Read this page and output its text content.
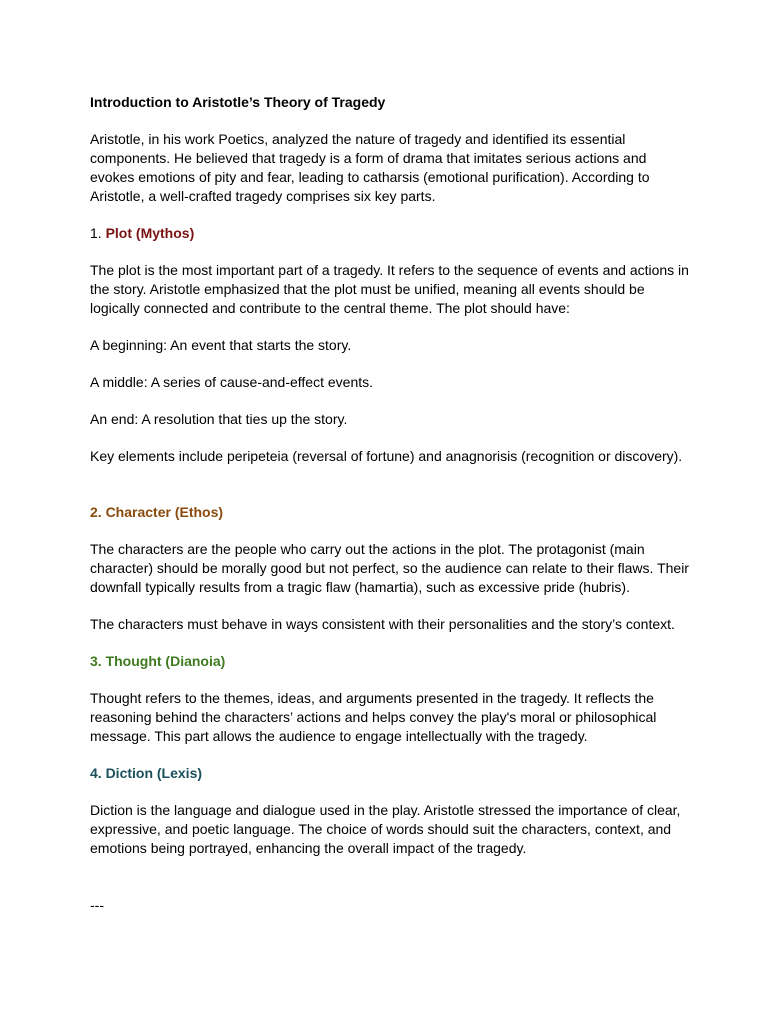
Introduction to Aristotle’s Theory of Tragedy
Aristotle, in his work Poetics, analyzed the nature of tragedy and identified its essential components. He believed that tragedy is a form of drama that imitates serious actions and evokes emotions of pity and fear, leading to catharsis (emotional purification). According to Aristotle, a well-crafted tragedy comprises six key parts.
1. Plot (Mythos)
The plot is the most important part of a tragedy. It refers to the sequence of events and actions in the story. Aristotle emphasized that the plot must be unified, meaning all events should be logically connected and contribute to the central theme. The plot should have:
A beginning: An event that starts the story.
A middle: A series of cause-and-effect events.
An end: A resolution that ties up the story.
Key elements include peripeteia (reversal of fortune) and anagnorisis (recognition or discovery).
2. Character (Ethos)
The characters are the people who carry out the actions in the plot. The protagonist (main character) should be morally good but not perfect, so the audience can relate to their flaws. Their downfall typically results from a tragic flaw (hamartia), such as excessive pride (hubris).
The characters must behave in ways consistent with their personalities and the story’s context.
3. Thought (Dianoia)
Thought refers to the themes, ideas, and arguments presented in the tragedy. It reflects the reasoning behind the characters’ actions and helps convey the play's moral or philosophical message. This part allows the audience to engage intellectually with the tragedy.
4. Diction (Lexis)
Diction is the language and dialogue used in the play. Aristotle stressed the importance of clear, expressive, and poetic language. The choice of words should suit the characters, context, and emotions being portrayed, enhancing the overall impact of the tragedy.
---
